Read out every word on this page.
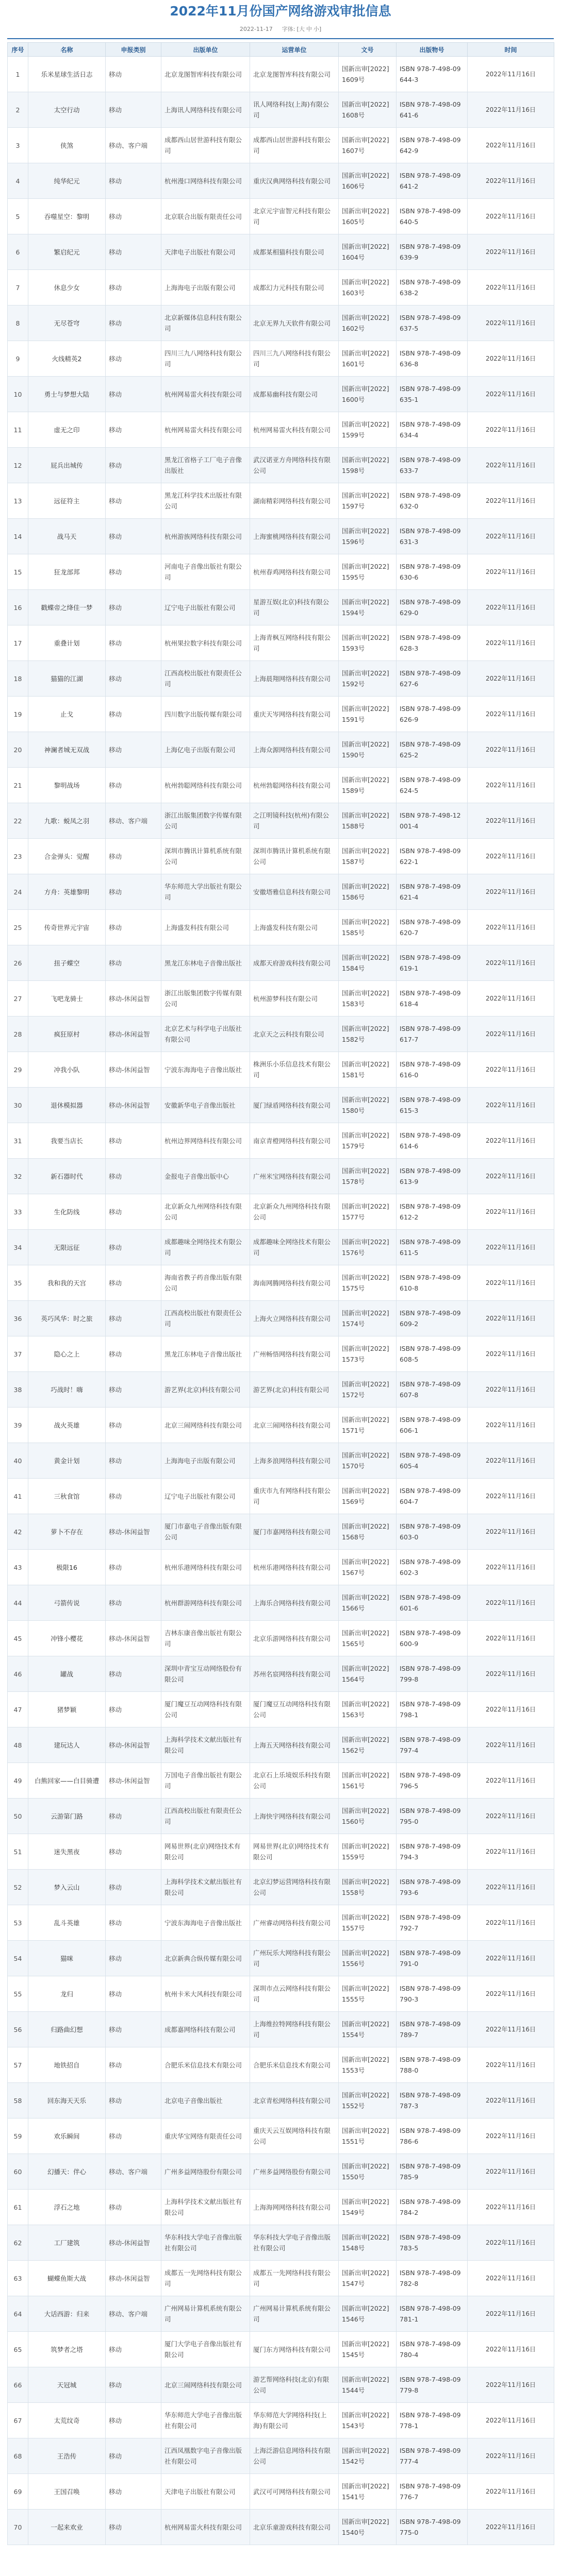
2022年11月份国产网络游戏审批信息
2022-11-17 字体: [大 中 小]
序号	名称	申报类别	出版单位	运营单位	文号	出版物号	时间
1	乐米星球生活日志	移动	北京龙图智库科技有限公司	北京龙图智库科技有限公司	国新出审[2022]1609号	ISBN 978-7-498-09644-3	2022年11月16日
2	太空行动	移动	上海讯人网络科技有限公司	讯人网络科技(上海)有限公司	国新出审[2022]1608号	ISBN 978-7-498-09641-6	2022年11月16日
3	侠煞	移动、客户端	成都西山居世游科技有限公司	成都西山居世游科技有限公司	国新出审[2022]1607号	ISBN 978-7-498-09642-9	2022年11月16日
4	纯华纪元	移动	杭州漫口网络科技有限公司	重庆汉典网络科技有限公司	国新出审[2022]1606号	ISBN 978-7-498-09641-2	2022年11月16日
5	吞噬星空：黎明	移动	北京联合出版有限责任公司	北京元宇宙智元科技有限公司	国新出审[2022]1605号	ISBN 978-7-498-09640-5	2022年11月16日
6	繁启纪元	移动	天津电子出版社有限公司	成都某相猫科技有限公司	国新出审[2022]1604号	ISBN 978-7-498-09639-9	2022年11月16日
7	休息少女	移动	上海海电子出版有限公司	成都幻力元科技有限公司	国新出审[2022]1603号	ISBN 978-7-498-09638-2	2022年11月16日
8	无尽苍穹	移动	北京新媒体信息科技有限公司	北京无界九天软件有限公司	国新出审[2022]1602号	ISBN 978-7-498-09637-5	2022年11月16日
9	火线精英2	移动	四川三九八网络科技有限公司	四川三九八网络科技有限公司	国新出审[2022]1601号	ISBN 978-7-498-09636-8	2022年11月16日
10	勇士与梦想大陆	移动	杭州网易雷火科技有限公司	成都易幽科技有限公司	国新出审[2022]1600号	ISBN 978-7-498-09635-1	2022年11月16日
11	虚无之印	移动	杭州网易雷火科技有限公司	杭州网易雷火科技有限公司	国新出审[2022]1599号	ISBN 978-7-498-09634-4	2022年11月16日
12	屁兵出城传	移动	黑龙江省格子工厂电子音像出版社	武汉诺亚方舟网络科技有限公司	国新出审[2022]1598号	ISBN 978-7-498-09633-7	2022年11月16日
13	远征符主	移动	黑龙江科学技术出版社有限公司	湖南精彩网络科技有限公司	国新出审[2022]1597号	ISBN 978-7-498-09632-0	2022年11月16日
14	战马天	移动	杭州游族网络科技有限公司	上海蜜桃网络科技有限公司	国新出审[2022]1596号	ISBN 978-7-498-09631-3	2022年11月16日
15	狂龙部邦	移动	河南电子音像出版社有限公司	杭州春鸡网络科技有限公司	国新出审[2022]1595号	ISBN 978-7-498-09630-6	2022年11月16日
16	戳蝶帝之绛佳一梦	移动	辽宁电子出版社有限公司	星游互娱(北京)科技有限公司	国新出审[2022]1594号	ISBN 978-7-498-09629-0	2022年11月16日
17	重叠计划	移动	杭州果拉数字科技有限公司	上海青枫互网络科技有限公司	国新出审[2022]1593号	ISBN 978-7-498-09628-3	2022年11月16日
18	猫猫的江湖	移动	江西高校出版社有限责任公司	上海晨翔网络科技有限公司	国新出审[2022]1592号	ISBN 978-7-498-09627-6	2022年11月16日
19	止戈	移动	四川数字出版传媒有限公司	重庆天岑网络科技有限公司	国新出审[2022]1591号	ISBN 978-7-498-09626-9	2022年11月16日
20	神澜者城无双战	移动	上海亿电子出版有限公司	上海众源网络科技有限公司	国新出审[2022]1590号	ISBN 978-7-498-09625-2	2022年11月16日
21	黎明战场	移动	杭州勃聪网络科技有限公司	杭州勃聪网络科技有限公司	国新出审[2022]1589号	ISBN 978-7-498-09624-5	2022年11月16日
22	九歌：蜕凤之羽	移动、客户端	浙江出版集团数字传媒有限公司	之江明镜科技(杭州)有限公司	国新出审[2022]1588号	ISBN 978-7-498-12001-4	2022年11月16日
23	合金弹头：觉醒	移动	深圳市腾讯计算机系统有限公司	深圳市腾讯计算机系统有限公司	国新出审[2022]1587号	ISBN 978-7-498-09622-1	2022年11月16日
24	方舟：英雄黎明	移动	华东师范大学出版社有限公司	安徽塔雅信息科技有限公司	国新出审[2022]1586号	ISBN 978-7-498-09621-4	2022年11月16日
25	传奇世界元宇宙	移动	上海盛发科技有限公司	上海盛发科技有限公司	国新出审[2022]1585号	ISBN 978-7-498-09620-7	2022年11月16日
26	扭子蝶空	移动	黑龙江东林电子音像出版社	成都天府游戏科技有限公司	国新出审[2022]1584号	ISBN 978-7-498-09619-1	2022年11月16日
27	飞吧龙骑士	移动-休闲益智	浙江出版集团数字传媒有限公司	杭州游梦科技有限公司	国新出审[2022]1583号	ISBN 978-7-498-09618-4	2022年11月16日
28	疯狂原村	移动-休闲益智	北京艺术与科学电子出版社有限公司	北京天之云科技有限公司	国新出审[2022]1582号	ISBN 978-7-498-09617-7	2022年11月16日
29	冲我小队	移动-休闲益智	宁波东海海电子音像出版社	株洲乐小乐信息技术有限公司	国新出审[2022]1581号	ISBN 978-7-498-09616-0	2022年11月16日
30	退休模拟器	移动-休闲益智	安徽新华电子音像出版社	厦门绿盾网络科技有限公司	国新出审[2022]1580号	ISBN 978-7-498-09615-3	2022年11月16日
31	我要当店长	移动	杭州边界网络科技有限公司	南京青橙网络科技有限公司	国新出审[2022]1579号	ISBN 978-7-498-09614-6	2022年11月16日
32	新石器时代	移动	金报电子音像出版中心	广州米宝网络科技有限公司	国新出审[2022]1578号	ISBN 978-7-498-09613-9	2022年11月16日
33	生化防线	移动	北京新众九州网络科技有限公司	北京新众九州网络科技有限公司	国新出审[2022]1577号	ISBN 978-7-498-09612-2	2022年11月16日
34	无限远征	移动	成都趣味全网络技术有限公司	成都趣味全网络技术有限公司	国新出审[2022]1576号	ISBN 978-7-498-09611-5	2022年11月16日
35	我和我的天宫	移动	海南省教子药音像出版有限公司	海南网腾网络科技有限公司	国新出审[2022]1575号	ISBN 978-7-498-09610-8	2022年11月16日
36	英巧风华：时之旅	移动	江西高校出版社有限责任公司	上海火立网络科技有限公司	国新出审[2022]1574号	ISBN 978-7-498-09609-2	2022年11月16日
37	隐心之上	移动	黑龙江东林电子音像出版社	广州畅悟网络科技有限公司	国新出审[2022]1573号	ISBN 978-7-498-09608-5	2022年11月16日
38	巧战时！嗨	移动	游艺界(北京)科技有限公司	游艺界(北京)科技有限公司	国新出审[2022]1572号	ISBN 978-7-498-09607-8	2022年11月16日
39	战火英雄	移动	北京三闹网络科技有限公司	北京三闹网络科技有限公司	国新出审[2022]1571号	ISBN 978-7-498-09606-1	2022年11月16日
40	黄金计划	移动	上海海电子出版有限公司	上海多浪网络科技有限公司	国新出审[2022]1570号	ISBN 978-7-498-09605-4	2022年11月16日
41	三秋食馆	移动	辽宁电子出版社有限公司	重庆市九有网络科技有限公司	国新出审[2022]1569号	ISBN 978-7-498-09604-7	2022年11月16日
42	萝卜不存在	移动-休闲益智	厦门市嘉电子音像出版有限公司	厦门市嘉网络科技有限公司	国新出审[2022]1568号	ISBN 978-7-498-09603-0	2022年11月16日
43	极限16	移动	杭州乐港网络科技有限公司	杭州乐港网络科技有限公司	国新出审[2022]1567号	ISBN 978-7-498-09602-3	2022年11月16日
44	弓箭传说	移动	杭州群游网络科技有限公司	上海乐合网络科技有限公司	国新出审[2022]1566号	ISBN 978-7-498-09601-6	2022年11月16日
45	冲锋小樱花	移动-休闲益智	吉林东康音像出版社有限公司	北京乐游网络科技有限公司	国新出审[2022]1565号	ISBN 978-7-498-09600-9	2022年11月16日
46	罐战	移动	深圳中青宝互动网络股份有限公司	苏州名宸网络科技有限公司	国新出审[2022]1564号	ISBN 978-7-498-09799-8	2022年11月16日
47	猪梦颖	移动	厦门魔豆互动网络科技有限公司	厦门魔豆互动网络科技有限公司	国新出审[2022]1563号	ISBN 978-7-498-09798-1	2022年11月16日
48	建玩达人	移动-休闲益智	上海科学技术文献出版社有限公司	上海五天网络科技有限公司	国新出审[2022]1562号	ISBN 978-7-498-09797-4	2022年11月16日
49	白熊回家——白目骑遭	移动-休闲益智	万国电子音像出版社有限公司	北京石上乐境娱乐科技有限公司	国新出审[2022]1561号	ISBN 978-7-498-09796-5	2022年11月16日
50	云游第门路	移动	江西高校出版社有限责任公司	上海快宇网络科技有限公司	国新出审[2022]1560号	ISBN 978-7-498-09795-0	2022年11月16日
51	迷失黑夜	移动	网易世界(北京)网络技术有限公司	网易世界(北京)网络技术有限公司	国新出审[2022]1559号	ISBN 978-7-498-09794-3	2022年11月16日
52	梦入云山	移动	上海科学技术文献出版社有限公司	北京幻梦运营网络科技有限公司	国新出审[2022]1558号	ISBN 978-7-498-09793-6	2022年11月16日
53	乱斗英雄	移动	宁波东海海电子音像出版社	广州睿动网络科技有限公司	国新出审[2022]1557号	ISBN 978-7-498-09792-7	2022年11月16日
54	猫咪	移动	北京新典合纵传媒有限公司	广州玩乐大网络科技有限公司	国新出审[2022]1556号	ISBN 978-7-498-09791-0	2022年11月16日
55	龙归	移动	杭州卡米大风科技有限公司	深圳市点云网络科技有限公司	国新出审[2022]1555号	ISBN 978-7-498-09790-3	2022年11月16日
56	归路曲幻想	移动	成都嘉网络科技有限公司	上海维拉特网络科技有限公司	国新出审[2022]1554号	ISBN 978-7-498-09789-7	2022年11月16日
57	地铁招自	移动	合肥乐米信息技术有限公司	合肥乐米信息技术有限公司	国新出审[2022]1553号	ISBN 978-7-498-09788-0	2022年11月16日
58	回东海天天乐	移动	北京电子音像出版社	北京青松网络科技有限公司	国新出审[2022]1552号	ISBN 978-7-498-09787-3	2022年11月16日
59	欢乐瞬间	移动	重庆华宝网络有限责任公司	重庆天云互娱网络科技有限公司	国新出审[2022]1551号	ISBN 978-7-498-09786-6	2022年11月16日
60	幻播天：伴心	移动、客户端	广州多益网络股份有限公司	广州多益网络股份有限公司	国新出审[2022]1550号	ISBN 978-7-498-09785-9	2022年11月16日
61	浮石之地	移动	上海科学技术文献出版社有限公司	上海海网网络科技有限公司	国新出审[2022]1549号	ISBN 978-7-498-09784-2	2022年11月16日
62	工厂建筑	移动-休闲益智	华东科技大学电子音像出版社有限公司	华东科技大学电子音像出版社有限公司	国新出审[2022]1548号	ISBN 978-7-498-09783-5	2022年11月16日
63	蝴蝶鱼斯大战	移动-休闲益智	成都五一先网络科技有限公司	成都五一先网络科技有限公司	国新出审[2022]1547号	ISBN 978-7-498-09782-8	2022年11月16日
64	大话西游：归来	移动、客户端	广州网易计算机系统有限公司	广州网易计算机系统有限公司	国新出审[2022]1546号	ISBN 978-7-498-09781-1	2022年11月16日
65	筑梦者之塔	移动	厦门大学电子音像出版社有限公司	厦门东方网络科技有限公司	国新出审[2022]1545号	ISBN 978-7-498-09780-4	2022年11月16日
66	天冠城	移动	北京三闹网络科技有限公司	游艺帮网络科技(北京)有限公司	国新出审[2022]1544号	ISBN 978-7-498-09779-8	2022年11月16日
67	太荒纹奇	移动	华东师范大学电子音像出版社有限公司	华东师范大学网络科技(上海)有限公司	国新出审[2022]1543号	ISBN 978-7-498-09778-1	2022年11月16日
68	王浩传	移动	江西凤凰数字电子音像出版社有限公司	上海泛游信息网络科技有限公司	国新出审[2022]1542号	ISBN 978-7-498-09777-4	2022年11月16日
69	王国召唤	移动	天津电子出版社有限公司	武汉可可网络科技有限公司	国新出审[2022]1541号	ISBN 978-7-498-09776-7	2022年11月16日
70	一起来欢业	移动	杭州网易雷火科技有限公司	北京乐童游戏科技有限公司	国新出审[2022]1540号	ISBN 978-7-498-09775-0	2022年11月16日
